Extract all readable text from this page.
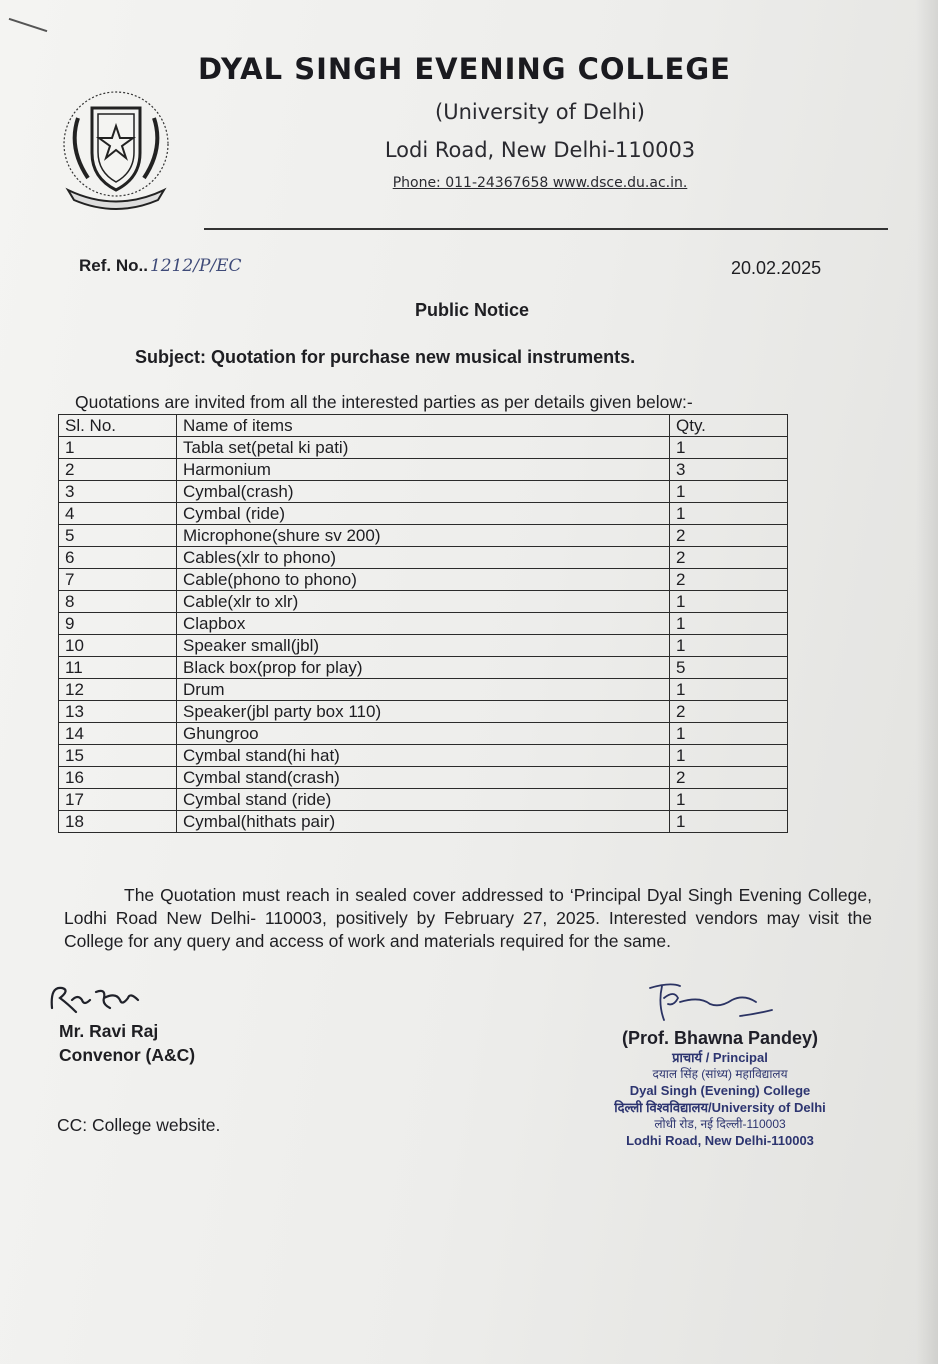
DYAL SINGH EVENING COLLEGE
(University of Delhi)
Lodi Road, New Delhi-110003
Phone: 011-24367658 www.dsce.du.ac.in.
Ref. No.. 1212/P/EC	20.02.2025
Public Notice
Subject: Quotation for purchase new musical instruments.
Quotations are invited from all the interested parties as per details given below:-
Sl. No.	Name of items	Qty.
1	Tabla set(petal ki pati)	1
2	Harmonium	3
3	Cymbal(crash)	1
4	Cymbal (ride)	1
5	Microphone(shure sv 200)	2
6	Cables(xlr to phono)	2
7	Cable(phono to phono)	2
8	Cable(xlr to xlr)	1
9	Clapbox	1
10	Speaker small(jbl)	1
11	Black box(prop for play)	5
12	Drum	1
13	Speaker(jbl party box 110)	2
14	Ghungroo	1
15	Cymbal stand(hi hat)	1
16	Cymbal stand(crash)	2
17	Cymbal stand (ride)	1
18	Cymbal(hithats pair)	1
The Quotation must reach in sealed cover addressed to ‘Principal Dyal Singh Evening College, Lodhi Road New Delhi- 110003, positively by February 27, 2025. Interested vendors may visit the College for any query and access of work and materials required for the same.
Mr. Ravi Raj
Convenor (A&C)
CC: College website.
(Prof. Bhawna Pandey)
प्राचार्य / Principal
दयाल सिंह (सांध्य) महाविद्यालय
Dyal Singh (Evening) College
दिल्ली विश्वविद्यालय/University of Delhi
लोधी रोड, नई दिल्ली-110003
Lodhi Road, New Delhi-110003
